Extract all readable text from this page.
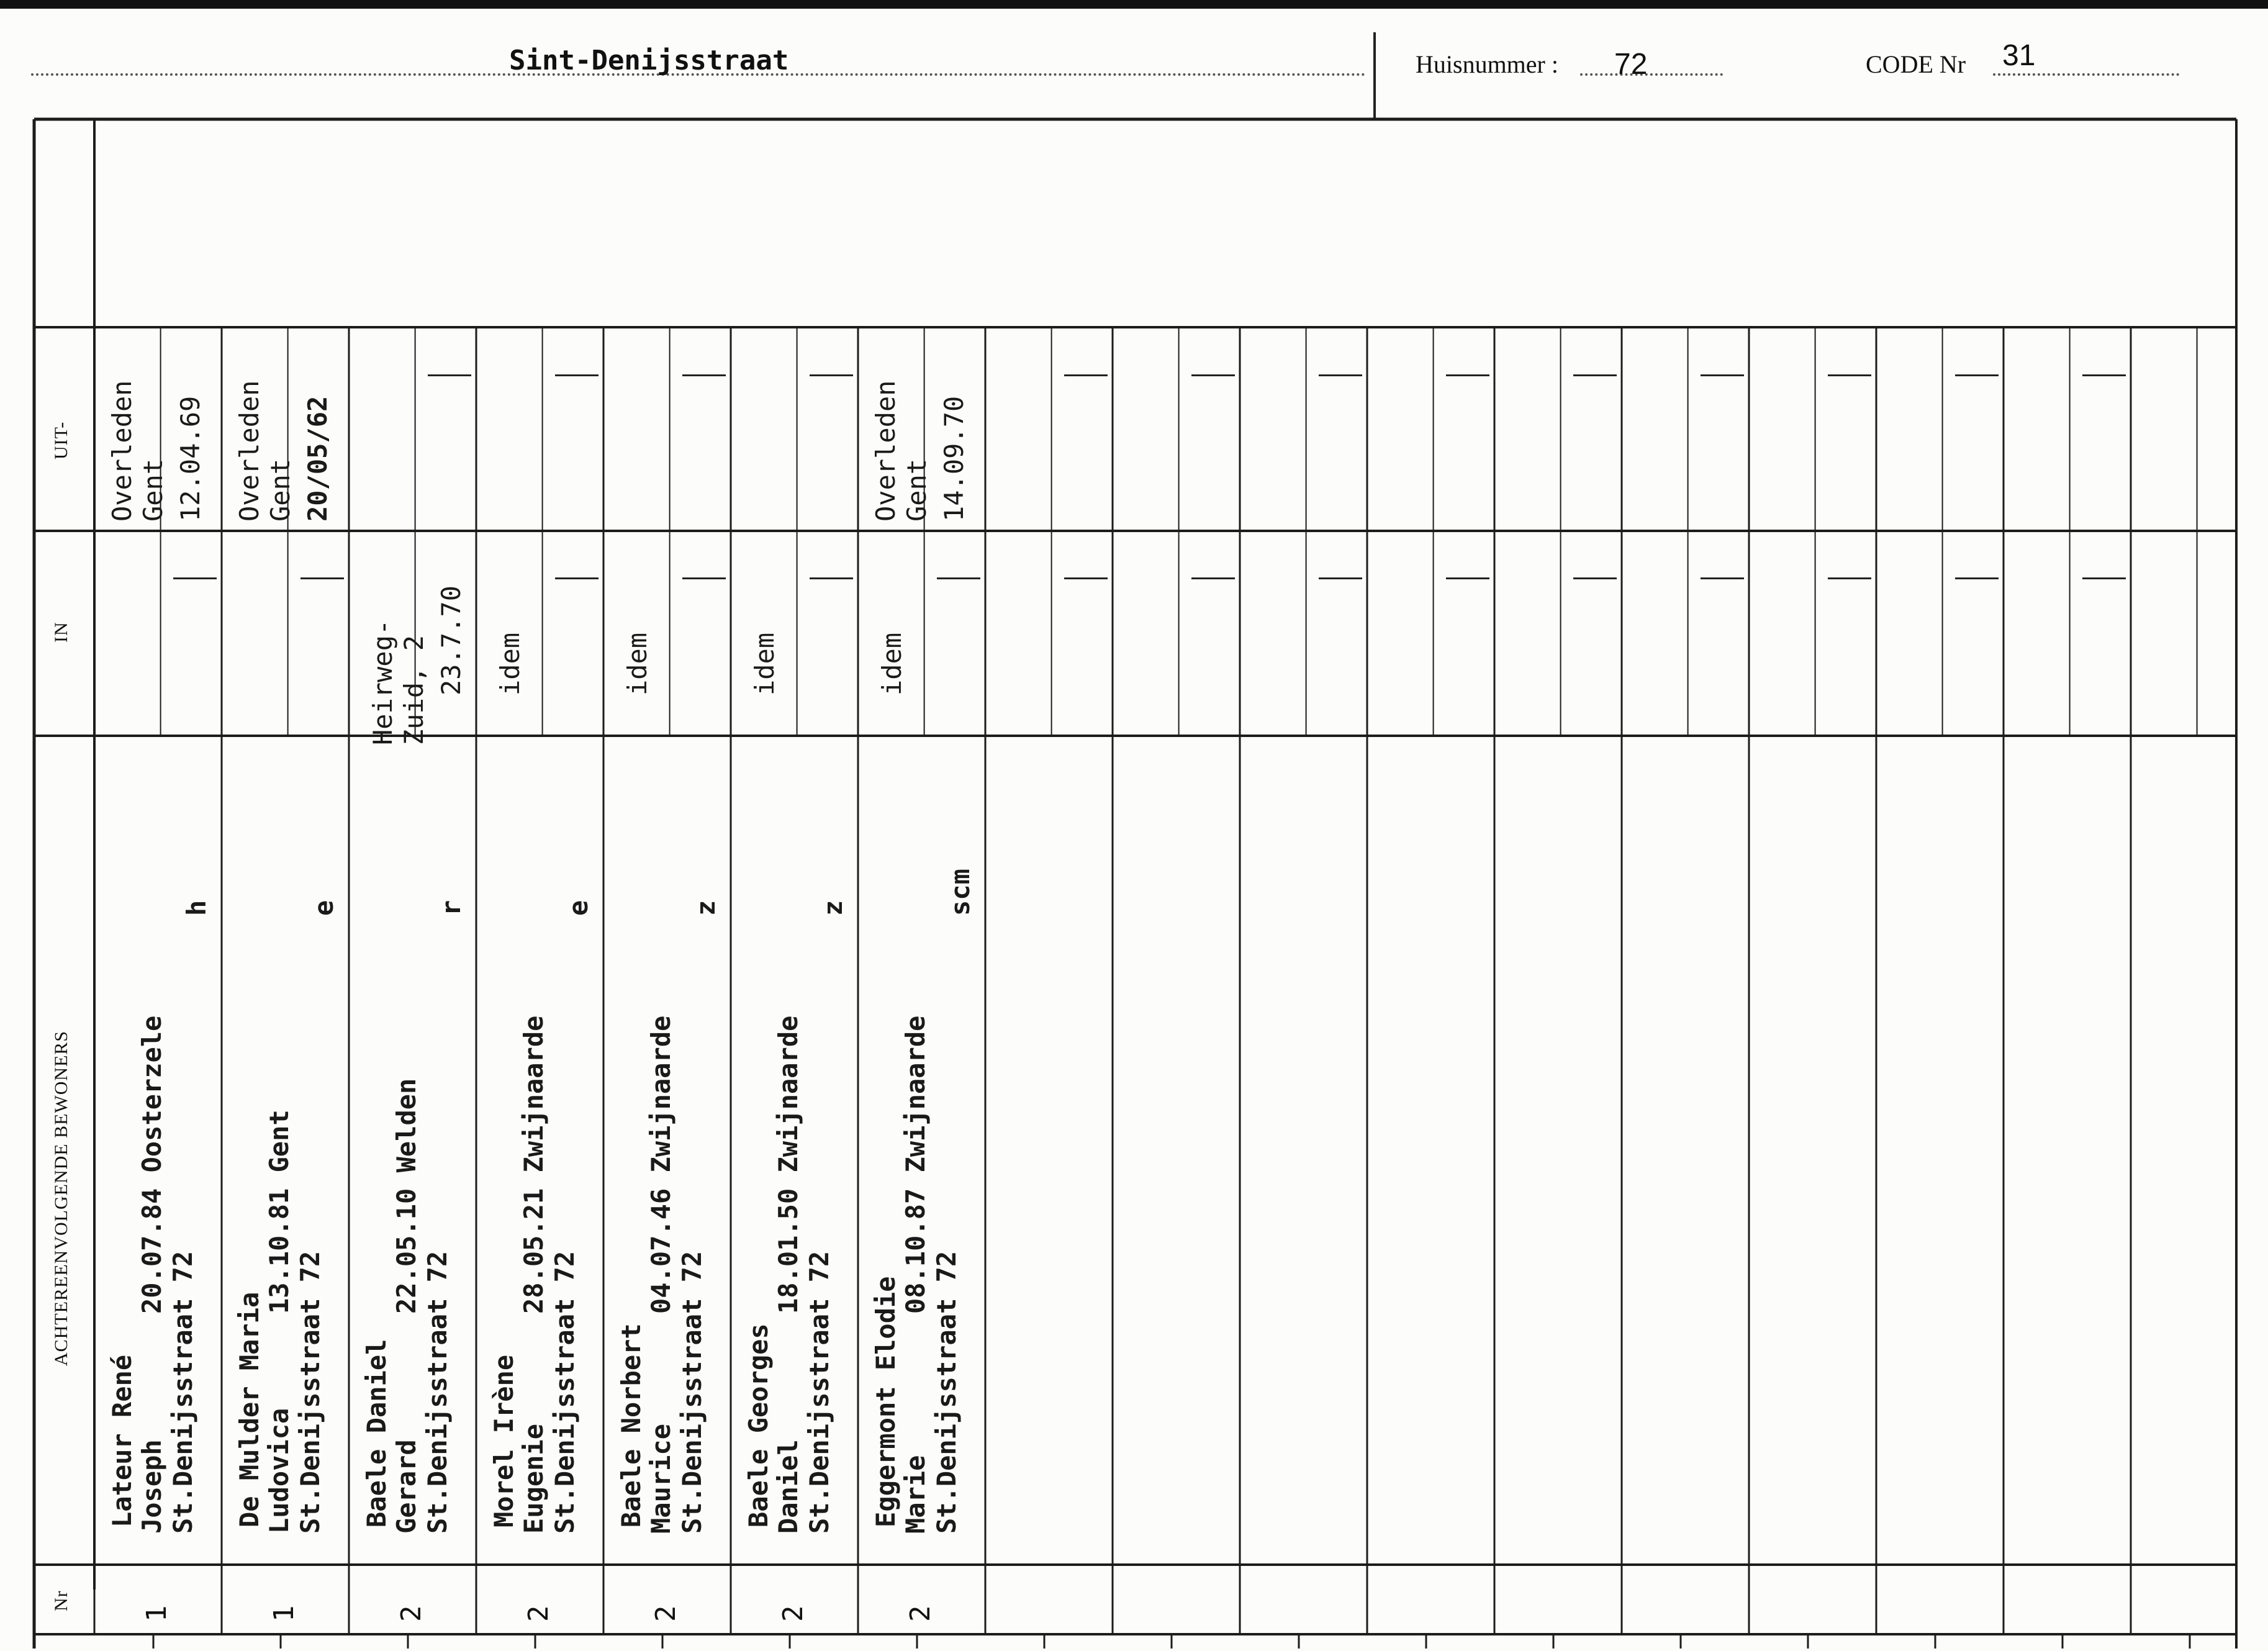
Sint-Denijsstraat	Huisnummer : 72	CODE Nr 31
UIT-
IN
ACHTEREENVOLGENDE BEWONERS
Nr
Lateur René Joseph        20.07.84 Oosterzele St.Denijsstraat 72
h
1
Overleden
Gent 12.04.69
De Mulder Maria Ludovica      13.10.81 Gent St.Denijsstraat 72
e
1
Overleden
Gent 20/05/62
Baele Daniel Gerard        22.05.10 Welden St.Denijsstraat 72
r
2
Heirweg-
Zuid, 2 23.7.70
Morel Irène Eugenie       28.05.21 Zwijnaarde St.Denijsstraat 72
e
2
idem
Baele Norbert Maurice       04.07.46 Zwijnaarde St.Denijsstraat 72
z
2
idem
Baele Georges Daniel        18.01.50 Zwijnaarde St.Denijsstraat 72
z
2
idem
Eggermont Elodie Marie         08.10.87 Zwijnaarde St.Denijsstraat 72
scm
2
idem
Overleden
Gent 14.09.70
